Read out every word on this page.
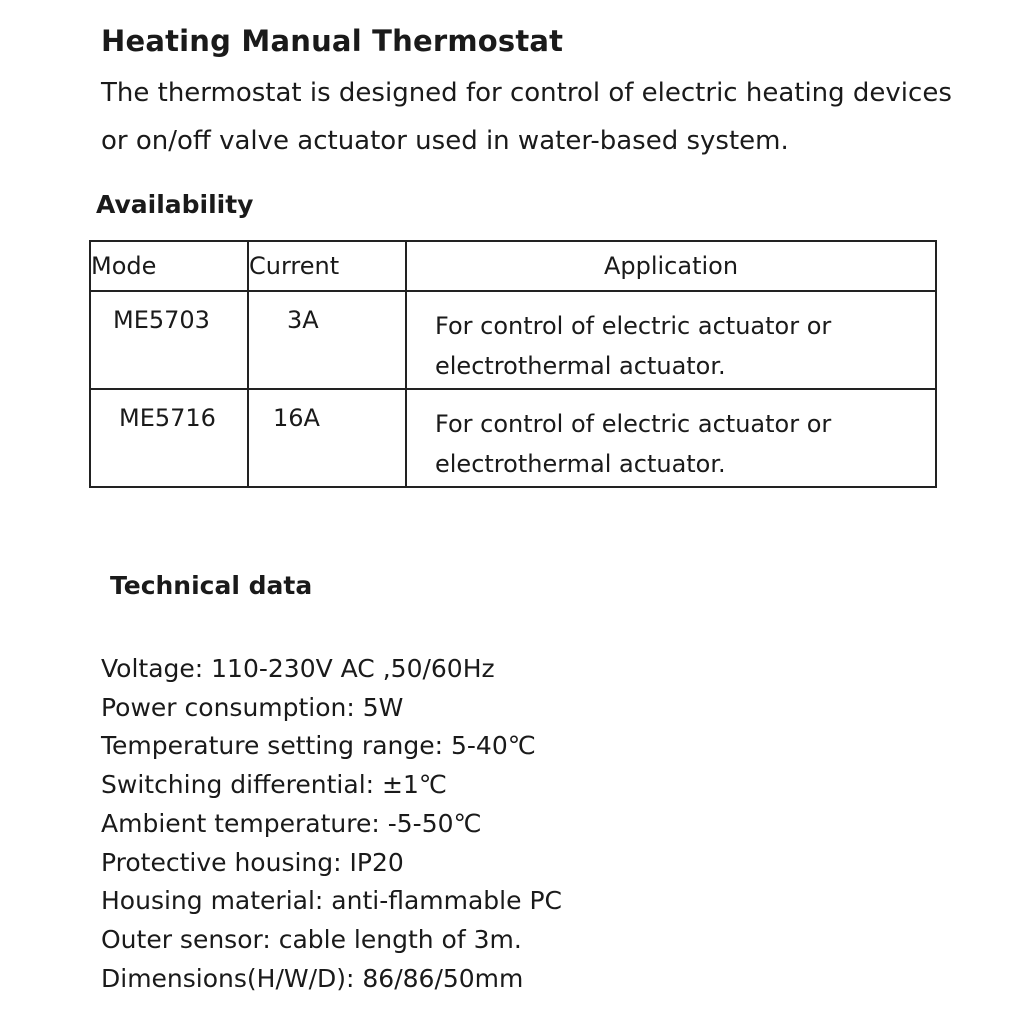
Heating Manual Thermostat
The thermostat is designed for control of electric heating devices
or on/off valve actuator used in water-based system.
Availability
Mode	Current	Application
ME5703	3A	For control of electric actuator or
electrothermal actuator.

ME5716	16A	For control of electric actuator or
electrothermal actuator.
Technical data
Voltage: 110-230V AC ,50/60Hz
Power consumption: 5W
Temperature setting range: 5-40℃
Switching differential: ±1℃
Ambient temperature: -5-50℃
Protective housing: IP20
Housing material: anti-flammable PC
Outer sensor: cable length of 3m.
Dimensions(H/W/D): 86/86/50mm
